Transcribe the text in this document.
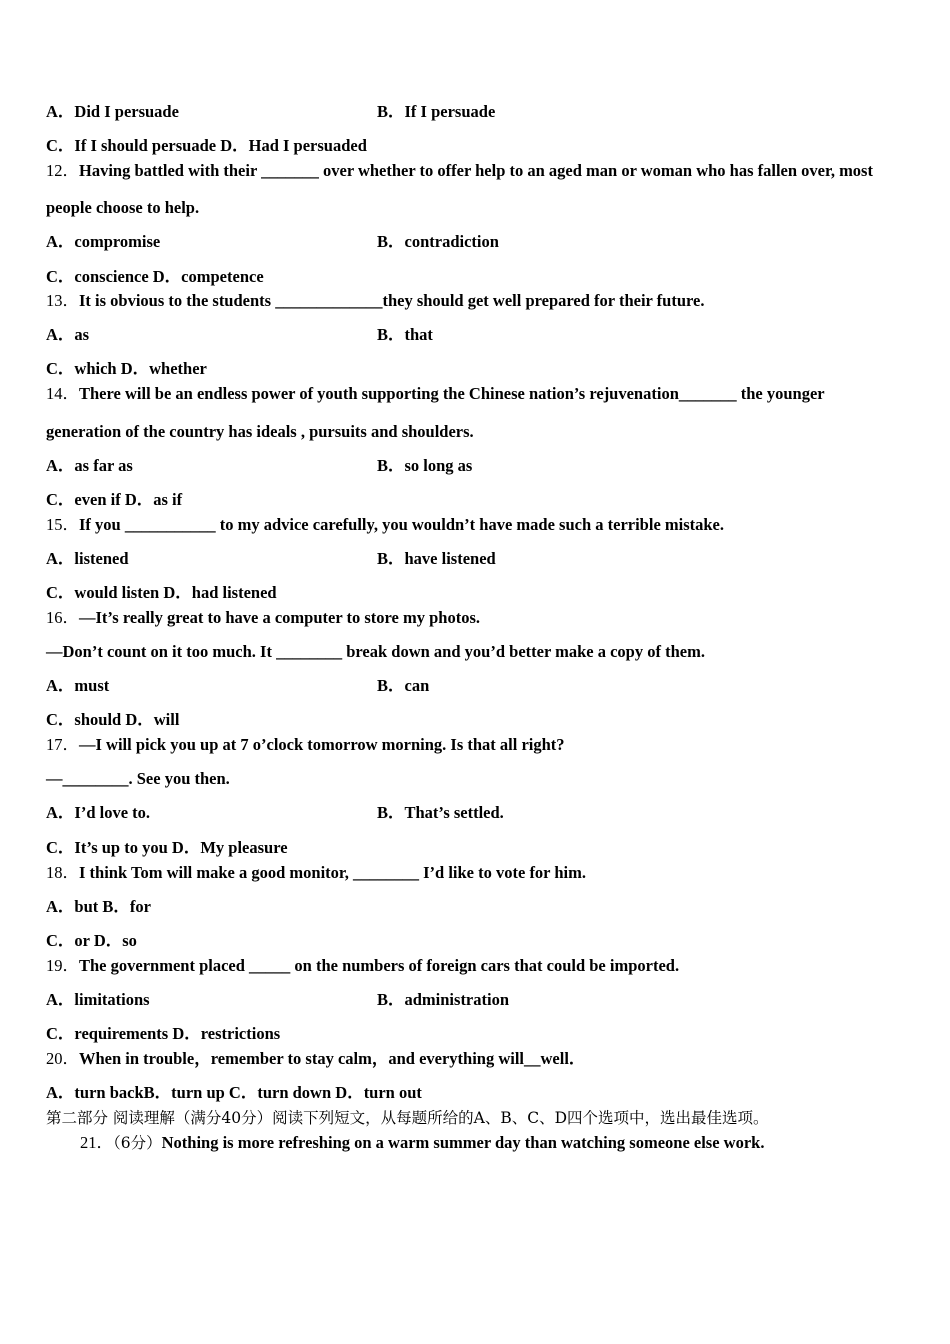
A．Did I persuade	B．If I persuade
C．If I should persuade D．Had I persuaded
12．Having battled with their _______ over whether to offer help to an aged man or woman who has fallen over, most
people choose to help.
A．compromise	B．contradiction
C．conscience D．competence
13．It is obvious to the students _____________they should get well prepared for their future.
A．as	B．that
C．which D．whether
14．There will be an endless power of youth supporting the Chinese nation’s rejuvenation_______ the younger
generation of the country has ideals , pursuits and shoulders.
A．as far as	B．so long as
C．even if D．as if
15．If you ___________ to my advice carefully, you wouldn’t have made such a terrible mistake.
A．listened	B．have listened
C．would listen D．had listened
16．—It’s really great to have a computer to store my photos.
—Don’t count on it too much. It ________ break down and you’d better make a copy of them.
A．must	B．can
C．should D．will
17．—I will pick you up at 7 o’clock tomorrow morning. Is that all right?
—________. See you then.
A．I’d love to.	B．That’s settled.
C．It’s up to you D．My pleasure
18．I think Tom will make a good monitor, ________ I’d like to vote for him.
A．but B．for
C．or D．so
19．The government placed _____ on the numbers of foreign cars that could be imported.
A．limitations	B．administration
C．requirements D．restrictions
20．When in trouble，remember to stay calm，and everything will__well．
A．turn backB．turn up C．turn down D．turn out
第二部分 阅读理解（满分40分）阅读下列短文，从每题所给的A、B、C、D四个选项中，选出最佳选项。
21．（6分）Nothing is more refreshing on a warm summer day than watching someone else work.
